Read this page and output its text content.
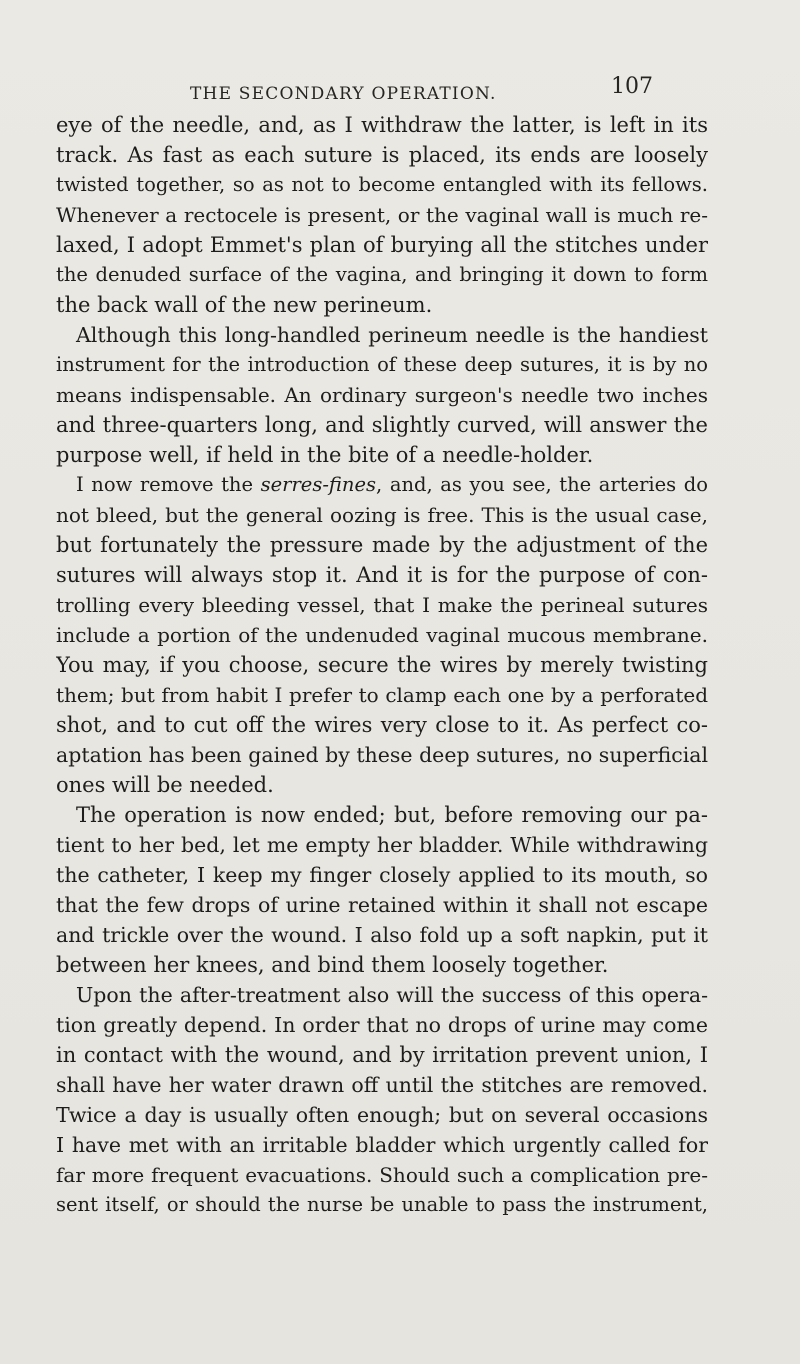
THE SECONDARY OPERATION.	107
eye of the needle, and, as I withdraw the latter, is left in its
track. As fast as each suture is placed, its ends are loosely
twisted together, so as not to become entangled with its fellows.
Whenever a rectocele is present, or the vaginal wall is much re-
laxed, I adopt Emmet's plan of burying all the stitches under
the denuded surface of the vagina, and bringing it down to form
the back wall of the new perineum.
Although this long-handled perineum needle is the handiest
instrument for the introduction of these deep sutures, it is by no
means indispensable. An ordinary surgeon's needle two inches
and three-quarters long, and slightly curved, will answer the
purpose well, if held in the bite of a needle-holder.
I now remove the serres-fines, and, as you see, the arteries do
not bleed, but the general oozing is free. This is the usual case,
but fortunately the pressure made by the adjustment of the
sutures will always stop it. And it is for the purpose of con-
trolling every bleeding vessel, that I make the perineal sutures
include a portion of the undenuded vaginal mucous membrane.
You may, if you choose, secure the wires by merely twisting
them; but from habit I prefer to clamp each one by a perforated
shot, and to cut off the wires very close to it. As perfect co-
aptation has been gained by these deep sutures, no superficial
ones will be needed.
The operation is now ended; but, before removing our pa-
tient to her bed, let me empty her bladder. While withdrawing
the catheter, I keep my finger closely applied to its mouth, so
that the few drops of urine retained within it shall not escape
and trickle over the wound. I also fold up a soft napkin, put it
between her knees, and bind them loosely together.
Upon the after-treatment also will the success of this opera-
tion greatly depend. In order that no drops of urine may come
in contact with the wound, and by irritation prevent union, I
shall have her water drawn off until the stitches are removed.
Twice a day is usually often enough; but on several occasions
I have met with an irritable bladder which urgently called for
far more frequent evacuations. Should such a complication pre-
sent itself, or should the nurse be unable to pass the instrument,
